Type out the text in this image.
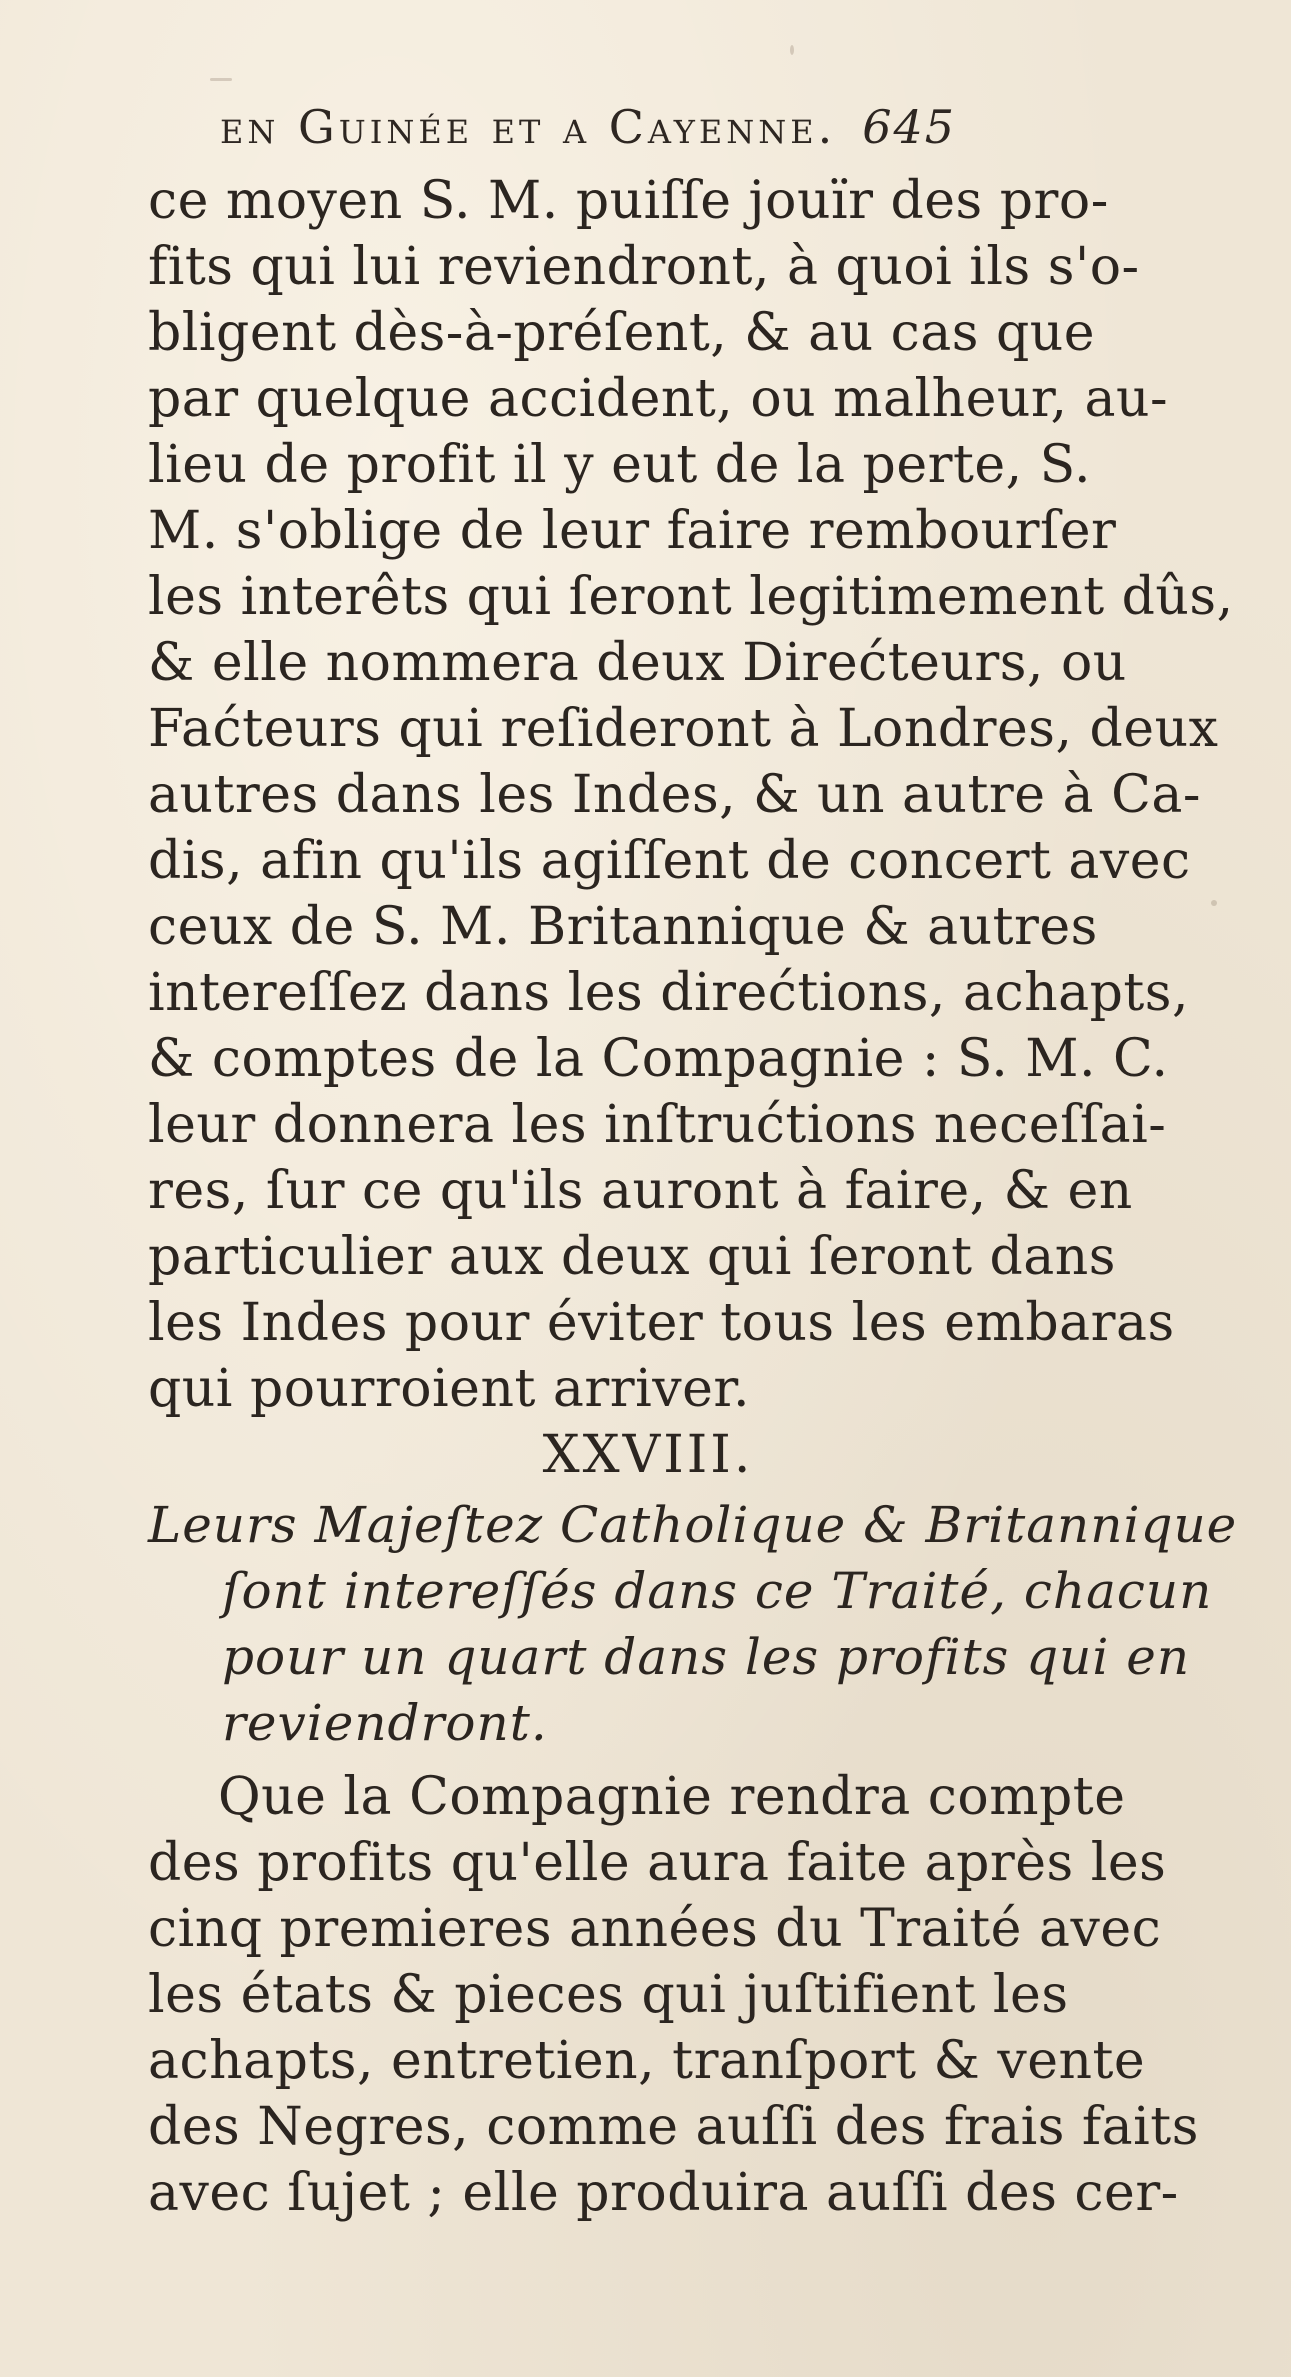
en Guinée et a Cayenne. 645
ce moyen S. M. puiſſe jouïr des pro-
fits qui lui reviendront, à quoi ils s'o-
bligent dès-à-préſent, & au cas que
par quelque accident, ou malheur, au-
lieu de profit il y eut de la perte, S.
M. s'oblige de leur faire rembourſer
les interêts qui ſeront legitimement dûs,
& elle nommera deux Direćteurs, ou
Faćteurs qui reſideront à Londres, deux
autres dans les Indes, & un autre à Ca-
dis, afin qu'ils agiſſent de concert avec
ceux de S. M. Britannique & autres
intereſſez dans les direćtions, achapts,
& comptes de la Compagnie : S. M. C.
leur donnera les inſtrućtions neceſſai-
res, ſur ce qu'ils auront à faire, & en
particulier aux deux qui ſeront dans
les Indes pour éviter tous les embaras
qui pourroient arriver.
XXVIII.
Leurs Majeſtez Catholique & Britannique
ſont intereſſés dans ce Traité, chacun
pour un quart dans les profits qui en
reviendront.
Que la Compagnie rendra compte
des profits qu'elle aura faite après les
cinq premieres années du Traité avec
les états & pieces qui juſtifient les
achapts, entretien, tranſport & vente
des Negres, comme auſſi des frais faits
avec ſujet ; elle produira auſſi des cer-
